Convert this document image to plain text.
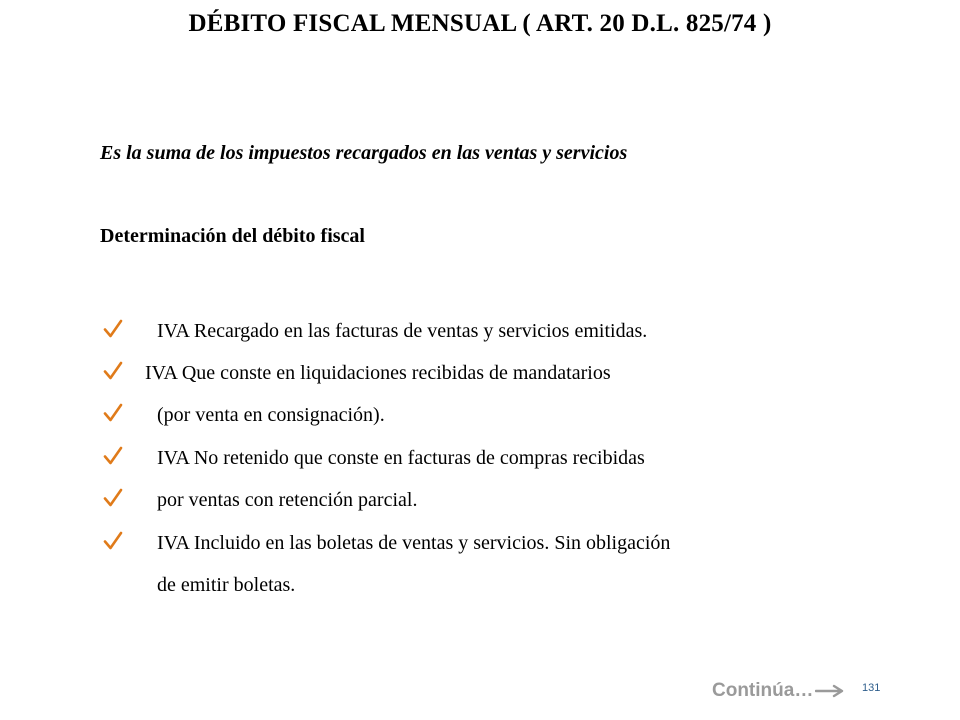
DÉBITO FISCAL MENSUAL ( ART. 20 D.L. 825/74 )
Es la suma de los impuestos recargados en las ventas y servicios
Determinación del débito fiscal
IVA Recargado en las facturas de ventas y servicios emitidas.
IVA Que conste en liquidaciones recibidas de mandatarios
(por venta en consignación).
IVA No retenido que conste en facturas de compras recibidas
por ventas con retención parcial.
IVA Incluido en las boletas de ventas y servicios. Sin obligación
de emitir boletas.
Continúa…	131
